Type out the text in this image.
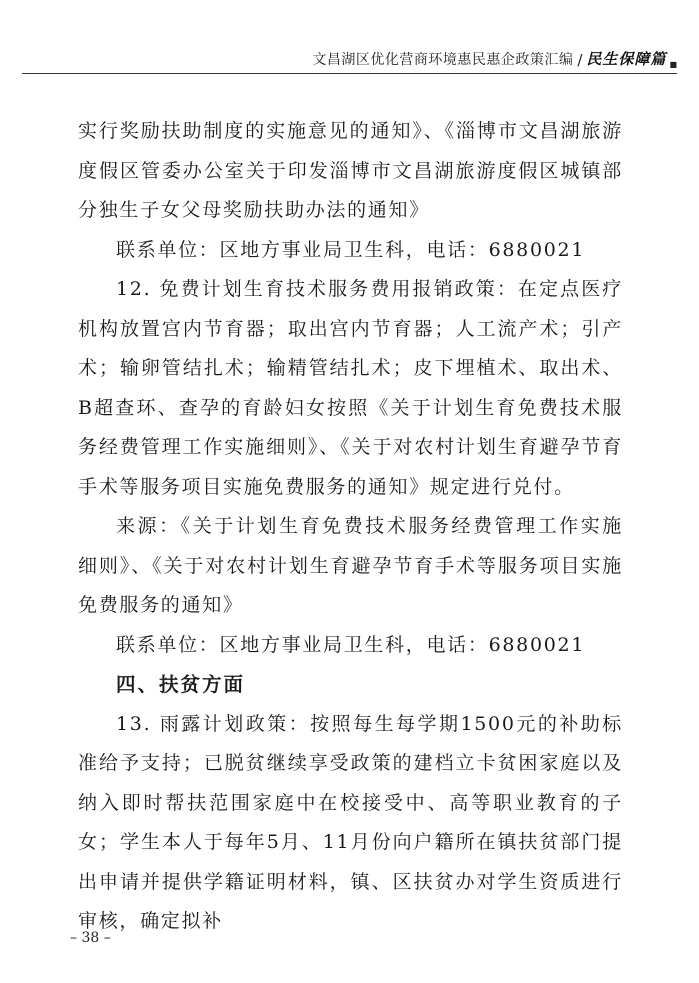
文昌湖区优化营商环境惠民惠企政策汇编 / 民生保障篇 ■

实行奖励扶助制度的实施意见的通知》、《淄博市文昌湖旅游度假区管委办公室关于印发淄博市文昌湖旅游度假区城镇部分独生子女父母奖励扶助办法的通知》

联系单位：区地方事业局卫生科，电话：6880021

12. 免费计划生育技术服务费用报销政策：在定点医疗机构放置宫内节育器；取出宫内节育器；人工流产术；引产术；输卵管结扎术；输精管结扎术；皮下埋植术、取出术、B超查环、查孕的育龄妇女按照《关于计划生育免费技术服务经费管理工作实施细则》、《关于对农村计划生育避孕节育手术等服务项目实施免费服务的通知》规定进行兑付。

来源：《关于计划生育免费技术服务经费管理工作实施细则》、《关于对农村计划生育避孕节育手术等服务项目实施免费服务的通知》

联系单位：区地方事业局卫生科，电话：6880021

四、扶贫方面

13. 雨露计划政策：按照每生每学期1500元的补助标准给予支持；已脱贫继续享受政策的建档立卡贫困家庭以及纳入即时帮扶范围家庭中在校接受中、高等职业教育的子女；学生本人于每年5月、11月份向户籍所在镇扶贫部门提出申请并提供学籍证明材料，镇、区扶贫办对学生资质进行审核，确定拟补

– 38 –
